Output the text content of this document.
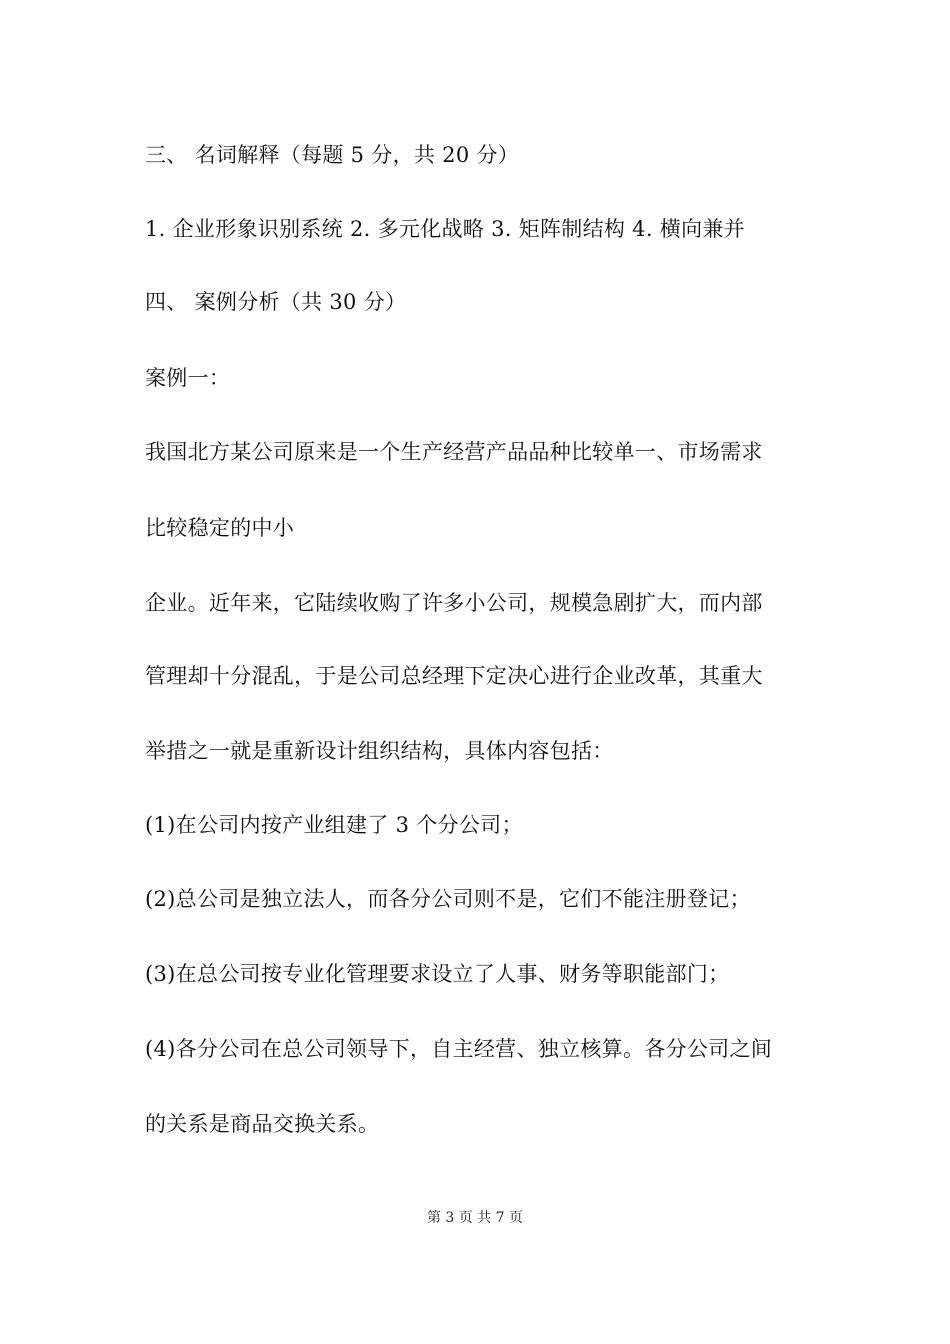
三、 名词解释（每题 5 分，共 20 分）
1. 企业形象识别系统 2. 多元化战略 3. 矩阵制结构 4. 横向兼并
四、 案例分析（共 30 分）
案例一：
我国北方某公司原来是一个生产经营产品品种比较单一、市场需求
比较稳定的中小
企业。近年来，它陆续收购了许多小公司，规模急剧扩大，而内部
管理却十分混乱，于是公司总经理下定决心进行企业改革，其重大
举措之一就是重新设计组织结构，具体内容包括：
(1)在公司内按产业组建了 3 个分公司；
(2)总公司是独立法人，而各分公司则不是，它们不能注册登记；
(3)在总公司按专业化管理要求设立了人事、财务等职能部门；
(4)各分公司在总公司领导下，自主经营、独立核算。各分公司之间
的关系是商品交换关系。
第 3 页 共 7 页
